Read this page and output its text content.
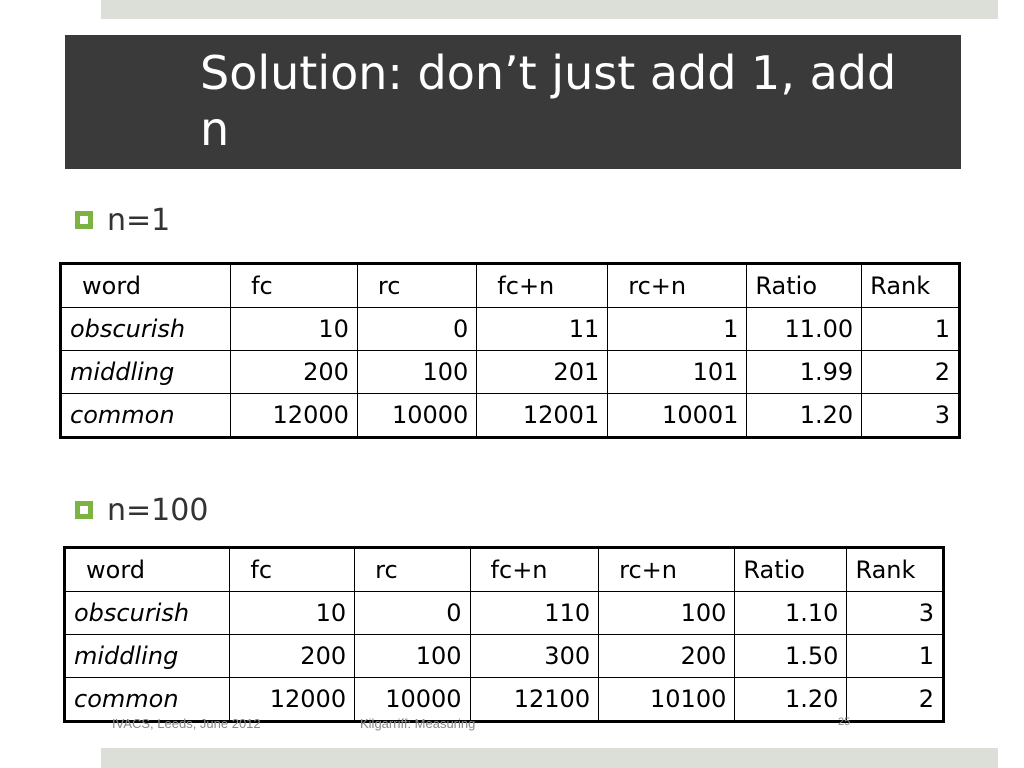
Solution: don’t just add 1, add n
n=1
word	fc	rc	fc+n	rc+n	Ratio	Rank
obscurish	10	0	11	1	11.00	1
middling	200	100	201	101	1.99	2
common	12000	10000	12001	10001	1.20	3
n=100
word	fc	rc	fc+n	rc+n	Ratio	Rank
obscurish	10	0	110	100	1.10	3
middling	200	100	300	200	1.50	1
common	12000	10000	12100	10100	1.20	2
IVACS, Leeds, June 2012	Kilgarriff: Measuring	25
